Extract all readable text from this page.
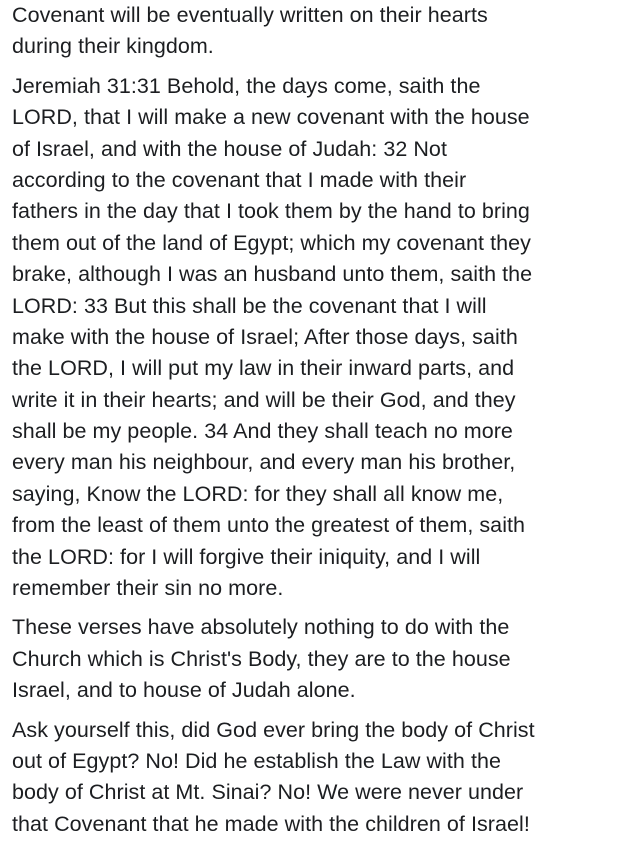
Covenant will be eventually written on their hearts
during their kingdom.

Jeremiah 31:31 Behold, the days come, saith the
LORD, that I will make a new covenant with the house
of Israel, and with the house of Judah: 32 Not
according to the covenant that I made with their
fathers in the day that I took them by the hand to bring
them out of the land of Egypt; which my covenant they
brake, although I was an husband unto them, saith the
LORD: 33 But this shall be the covenant that I will
make with the house of Israel; After those days, saith
the LORD, I will put my law in their inward parts, and
write it in their hearts; and will be their God, and they
shall be my people. 34 And they shall teach no more
every man his neighbour, and every man his brother,
saying, Know the LORD: for they shall all know me,
from the least of them unto the greatest of them, saith
the LORD: for I will forgive their iniquity, and I will
remember their sin no more.

These verses have absolutely nothing to do with the
Church which is Christ's Body, they are to the house
Israel, and to house of Judah alone.

Ask yourself this, did God ever bring the body of Christ
out of Egypt? No! Did he establish the Law with the
body of Christ at Mt. Sinai? No! We were never under
that Covenant that he made with the children of Israel!
